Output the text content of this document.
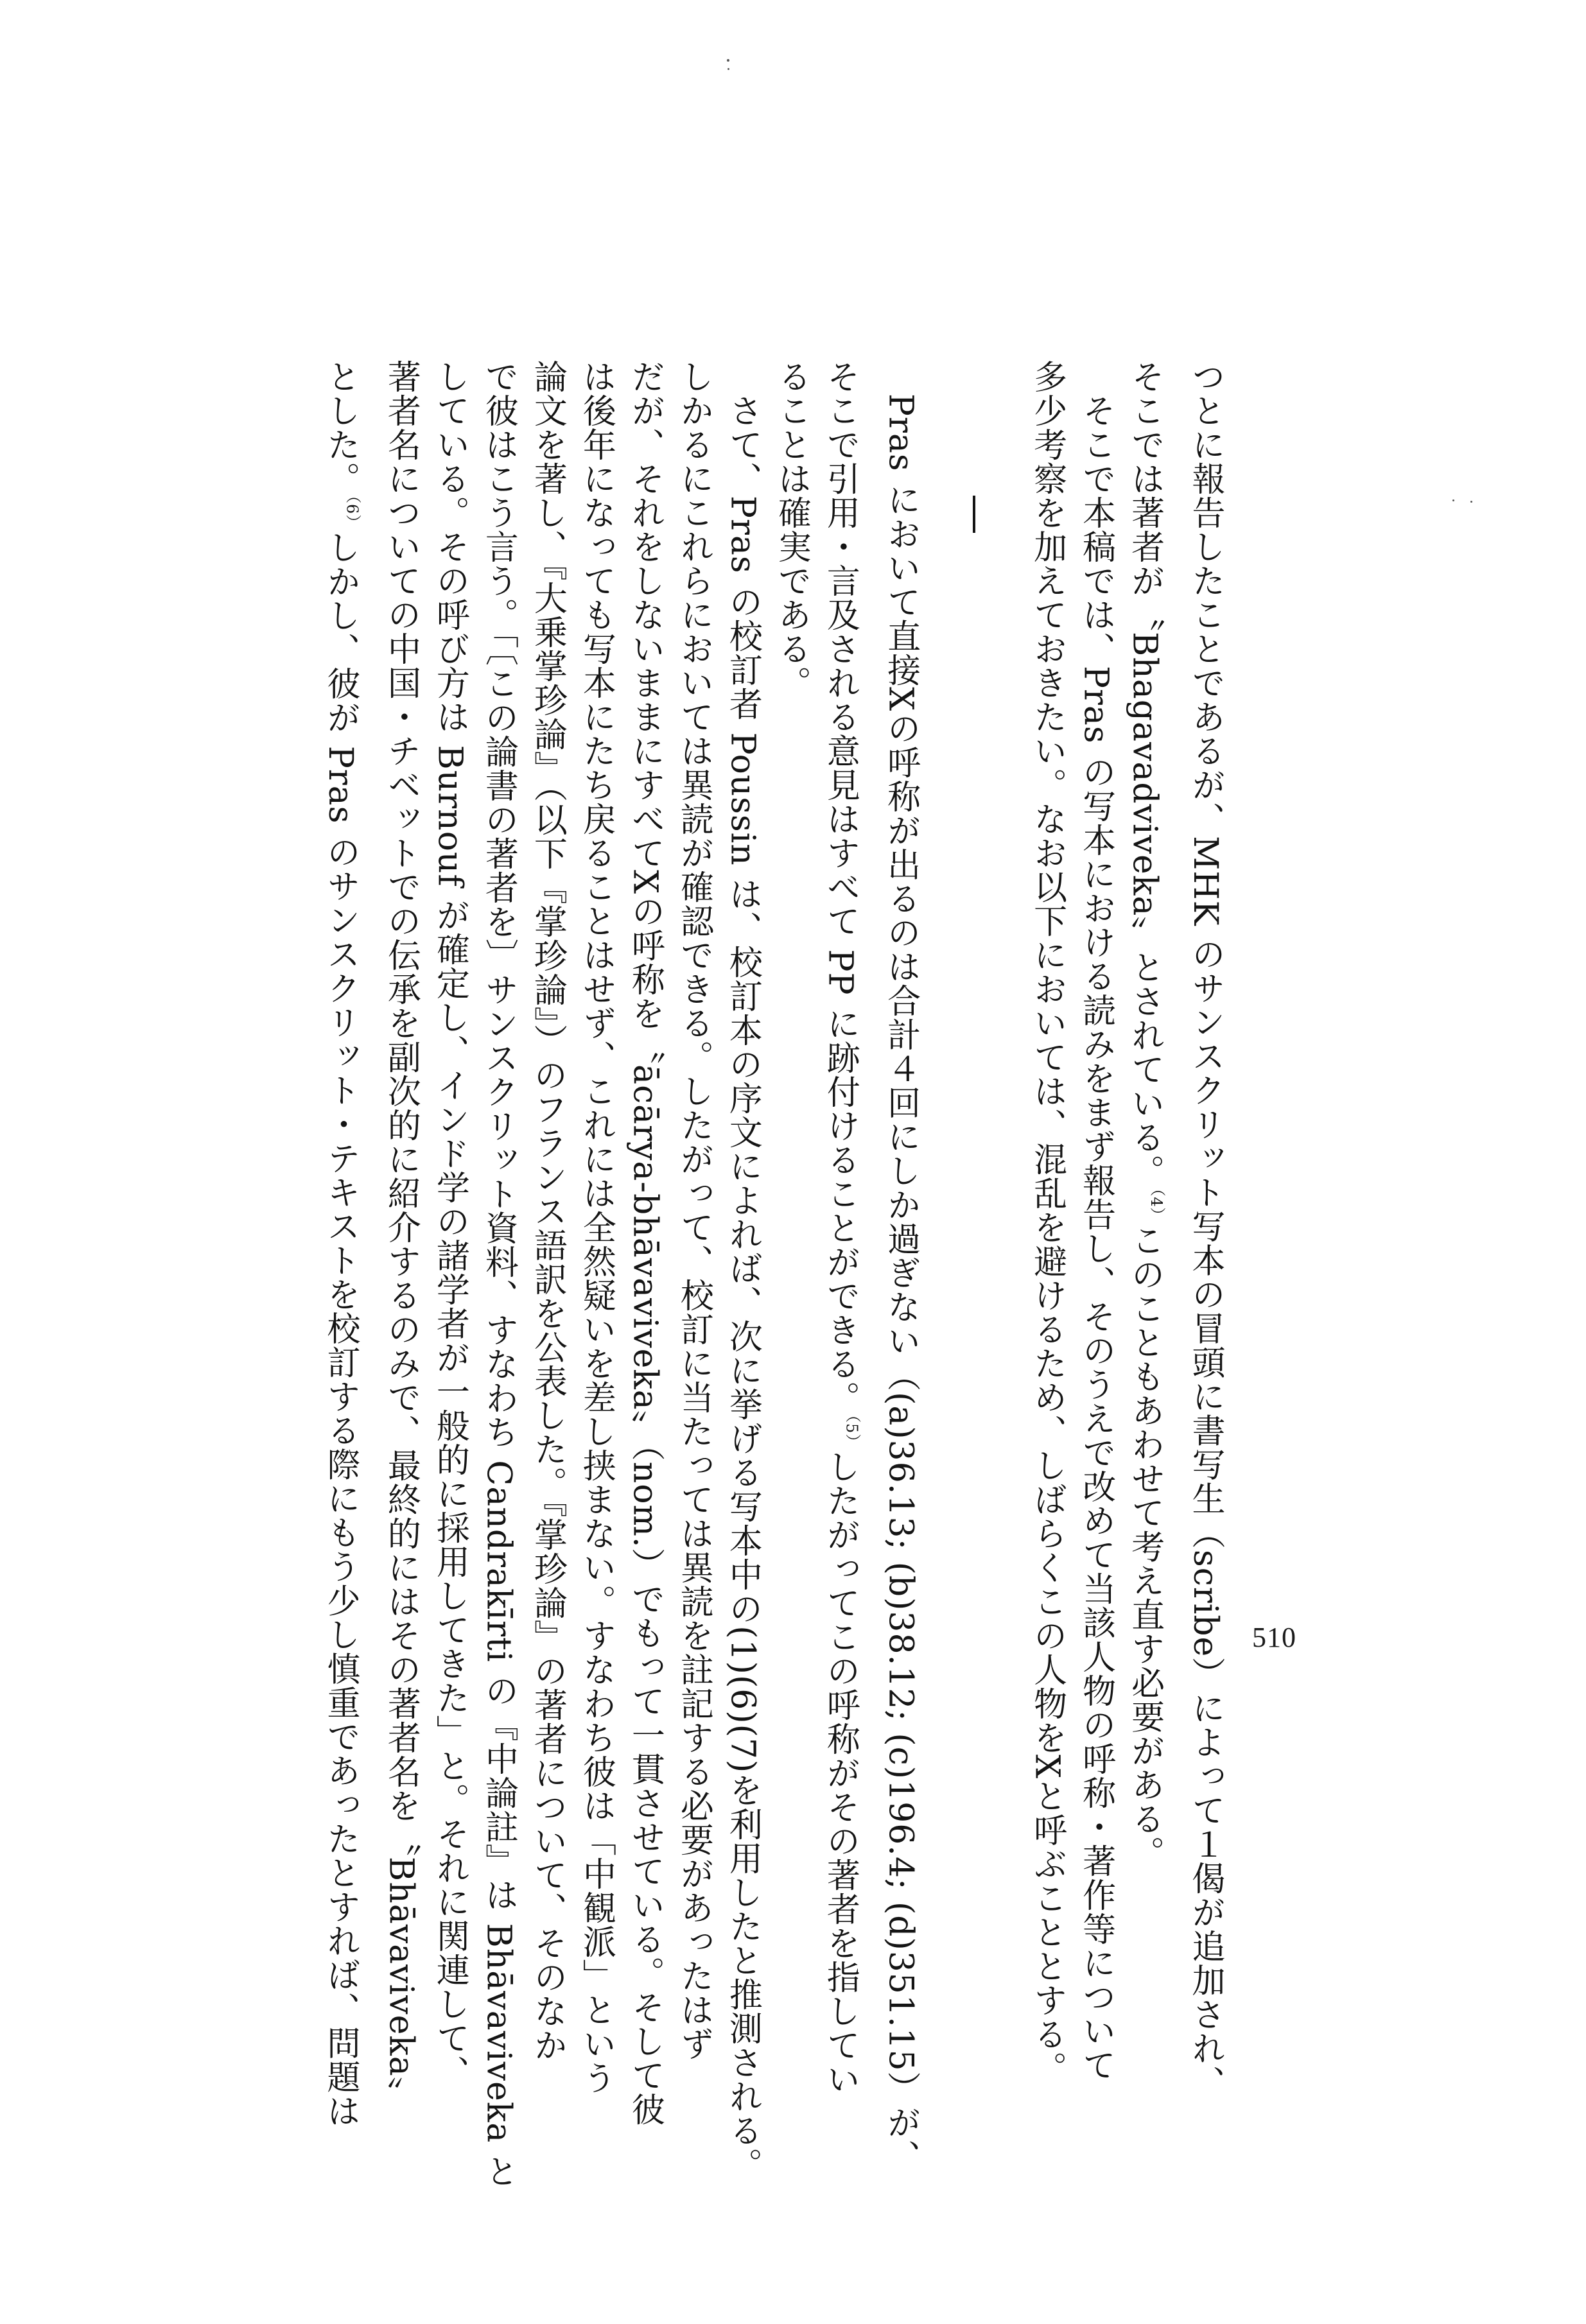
つとに報告したことであるが、MHK のサンスクリット写本の冒頭に書写生（scribe）によって１偈が追加され、
そこでは著者が〝Bhagavadviveka〟とされている。$^{(4)}$このこともあわせて考え直す必要がある。
　そこで本稿では、Pras の写本における読みをまず報告し、そのうえで改めて当該人物の呼称・著作等について
多少考察を加えておきたい。なお以下においては、混乱を避けるため、しばらくこの人物をXと呼ぶこととする。
　Pras において直接Xの呼称が出るのは合計４回にしか過ぎない（(a)36.13; (b)38.12; (c)196.4; (d)351.15）が、
そこで引用・言及される意見はすべて PP に跡付けることができる。$^{(5)}$したがってこの呼称がその著者を指してい
ることは確実である。
　さて、Pras の校訂者 Poussin は、校訂本の序文によれば、次に挙げる写本中の(1)(6)(7)を利用したと推測される。
しかるにこれらにおいては異読が確認できる。したがって、校訂に当たっては異読を註記する必要があったはず
だが、それをしないままにすべてXの呼称を〝ācārya-bhāvaviveka〟（nom.）でもって一貫させている。そして彼
は後年になっても写本にたち戻ることはせず、これには全然疑いを差し挟まない。すなわち彼は「中観派」という
論文を著し、『大乗掌珍論』（以下『掌珍論』）のフランス語訳を公表した。『掌珍論』の著者について、そのなか
で彼はこう言う。「〔この論書の著者を〕サンスクリット資料、すなわち Candrakīrti の『中論註』は Bhāvaviveka と
している。その呼び方は Burnouf が確定し、インド学の諸学者が一般的に採用してきた」と。それに関連して、
著者名についての中国・チベットでの伝承を副次的に紹介するのみで、最終的にはその著者名を〝Bhāvaviveka〟
とした。$^{(6)}$しかし、彼が Pras のサンスクリット・テキストを校訂する際にもう少し慎重であったとすれば、問題は	510
